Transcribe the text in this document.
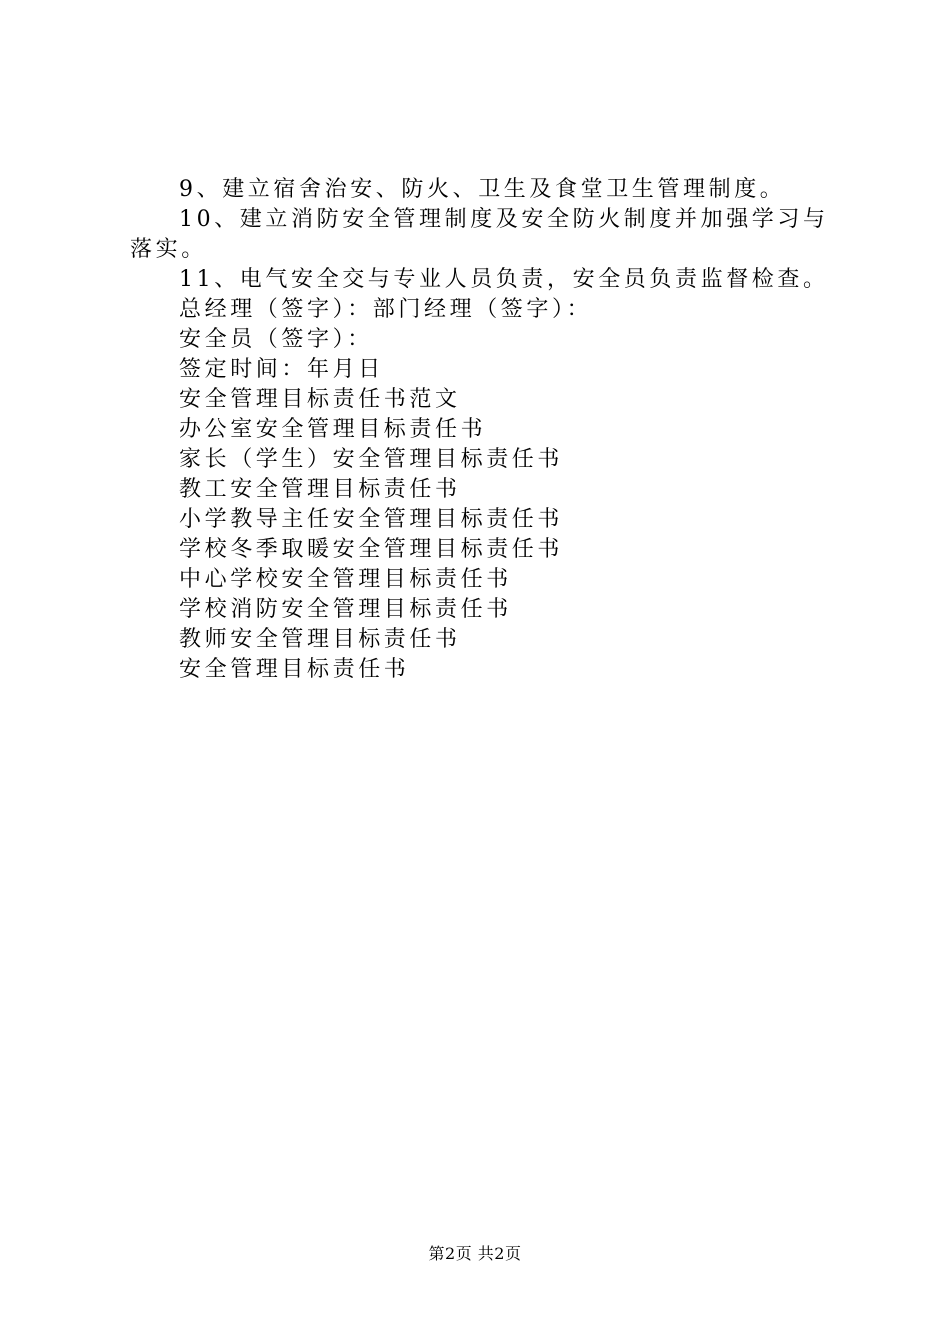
9、建立宿舍治安、防火、卫生及食堂卫生管理制度。
10、建立消防安全管理制度及安全防火制度并加强学习与落实。
11、电气安全交与专业人员负责，安全员负责监督检查。
总经理（签字）：部门经理（签字）：
安全员（签字）：
签定时间：年月日
安全管理目标责任书范文
办公室安全管理目标责任书
家长（学生）安全管理目标责任书
教工安全管理目标责任书
小学教导主任安全管理目标责任书
学校冬季取暖安全管理目标责任书
中心学校安全管理目标责任书
学校消防安全管理目标责任书
教师安全管理目标责任书
安全管理目标责任书
第2页 共2页
